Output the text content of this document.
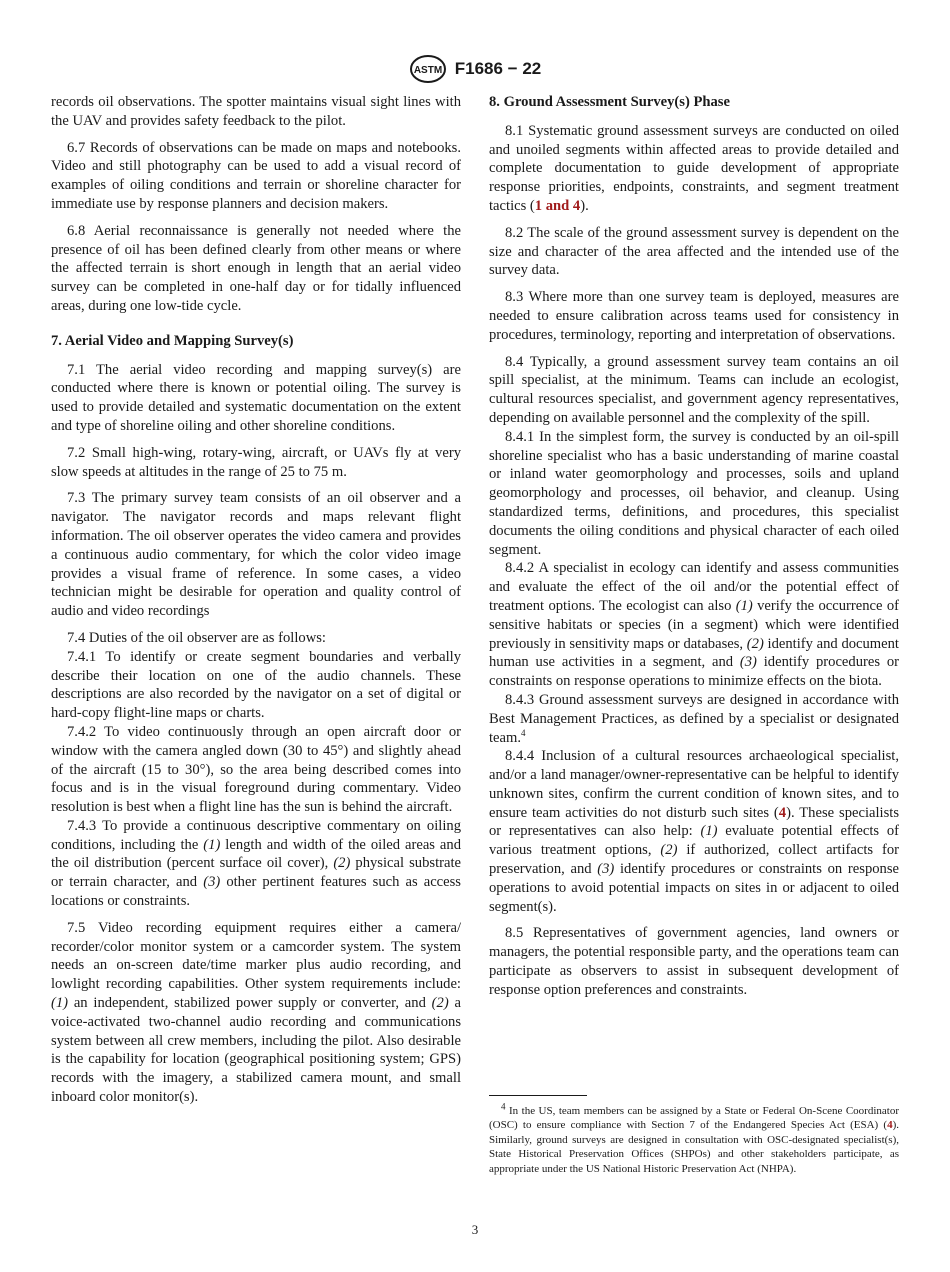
ASTM F1686 − 22

records oil observations. The spotter maintains visual sight lines with the UAV and provides safety feedback to the pilot.

6.7 Records of observations can be made on maps and notebooks. Video and still photography can be used to add a visual record of examples of oiling conditions and terrain or shoreline character for immediate use by response planners and decision makers.

6.8 Aerial reconnaissance is generally not needed where the presence of oil has been defined clearly from other means or where the affected terrain is short enough in length that an aerial video survey can be completed in one-half day or for tidally influenced areas, during one low-tide cycle.

7. Aerial Video and Mapping Survey(s)

7.1 The aerial video recording and mapping survey(s) are conducted where there is known or potential oiling. The survey is used to provide detailed and systematic documentation on the extent and type of shoreline oiling and other shoreline conditions.

7.2 Small high-wing, rotary-wing, aircraft, or UAVs fly at very slow speeds at altitudes in the range of 25 to 75 m.

7.3 The primary survey team consists of an oil observer and a navigator. The navigator records and maps relevant flight information. The oil observer operates the video camera and provides a continuous audio commentary, for which the color video image provides a visual frame of reference. In some cases, a video technician might be desirable for operation and quality control of audio and video recordings

7.4 Duties of the oil observer are as follows:

7.4.1 To identify or create segment boundaries and verbally describe their location on one of the audio channels. These descriptions are also recorded by the navigator on a set of digital or hard-copy flight-line maps or charts.

7.4.2 To video continuously through an open aircraft door or window with the camera angled down (30 to 45°) and slightly ahead of the aircraft (15 to 30°), so the area being described comes into focus and is in the visual foreground during commentary. Video resolution is best when a flight line has the sun is behind the aircraft.

7.4.3 To provide a continuous descriptive commentary on oiling conditions, including the (1) length and width of the oiled areas and the oil distribution (percent surface oil cover), (2) physical substrate or terrain character, and (3) other pertinent features such as access locations or constraints.

7.5 Video recording equipment requires either a camera/ recorder/color monitor system or a camcorder system. The system needs an on-screen date/time marker plus audio recording, and lowlight recording capabilities. Other system requirements include: (1) an independent, stabilized power supply or converter, and (2) a voice-activated two-channel audio recording and communications system between all crew members, including the pilot. Also desirable is the capability for location (geographical positioning system; GPS) records with the imagery, a stabilized camera mount, and small inboard color monitor(s).

8. Ground Assessment Survey(s) Phase

8.1 Systematic ground assessment surveys are conducted on oiled and unoiled segments within affected areas to provide detailed and complete documentation to guide development of appropriate response priorities, endpoints, constraints, and segment treatment tactics (1 and 4).

8.2 The scale of the ground assessment survey is dependent on the size and character of the area affected and the intended use of the survey data.

8.3 Where more than one survey team is deployed, measures are needed to ensure calibration across teams used for consistency in procedures, terminology, reporting and interpretation of observations.

8.4 Typically, a ground assessment survey team contains an oil spill specialist, at the minimum. Teams can include an ecologist, cultural resources specialist, and government agency representatives, depending on available personnel and the complexity of the spill.

8.4.1 In the simplest form, the survey is conducted by an oil-spill shoreline specialist who has a basic understanding of marine coastal or inland water geomorphology and processes, soils and upland geomorphology and processes, oil behavior, and cleanup. Using standardized terms, definitions, and procedures, this specialist documents the oiling conditions and physical character of each oiled segment.

8.4.2 A specialist in ecology can identify and assess communities and evaluate the effect of the oil and/or the potential effect of treatment options. The ecologist can also (1) verify the occurrence of sensitive habitats or species (in a segment) which were identified previously in sensitivity maps or databases, (2) identify and document human use activities in a segment, and (3) identify procedures or constraints on response operations to minimize effects on the biota.

8.4.3 Ground assessment surveys are designed in accordance with Best Management Practices, as defined by a specialist or designated team.$^4$

8.4.4 Inclusion of a cultural resources archaeological specialist, and/or a land manager/owner-representative can be helpful to identify unknown sites, confirm the current condition of known sites, and to ensure team activities do not disturb such sites (4). These specialists or representatives can also help: (1) evaluate potential effects of various treatment options, (2) if authorized, collect artifacts for preservation, and (3) identify procedures or constraints on response operations to avoid potential impacts on sites in or adjacent to oiled segment(s).

8.5 Representatives of government agencies, land owners or managers, the potential responsible party, and the operations team can participate as observers to assist in subsequent development of response option preferences and constraints.

$^4$ In the US, team members can be assigned by a State or Federal On-Scene Coordinator (OSC) to ensure compliance with Section 7 of the Endangered Species Act (ESA) (4). Similarly, ground surveys are designed in consultation with OSC-designated specialist(s), State Historical Preservation Offices (SHPOs) and other stakeholders participate, as appropriate under the US National Historic Preservation Act (NHPA).

3
